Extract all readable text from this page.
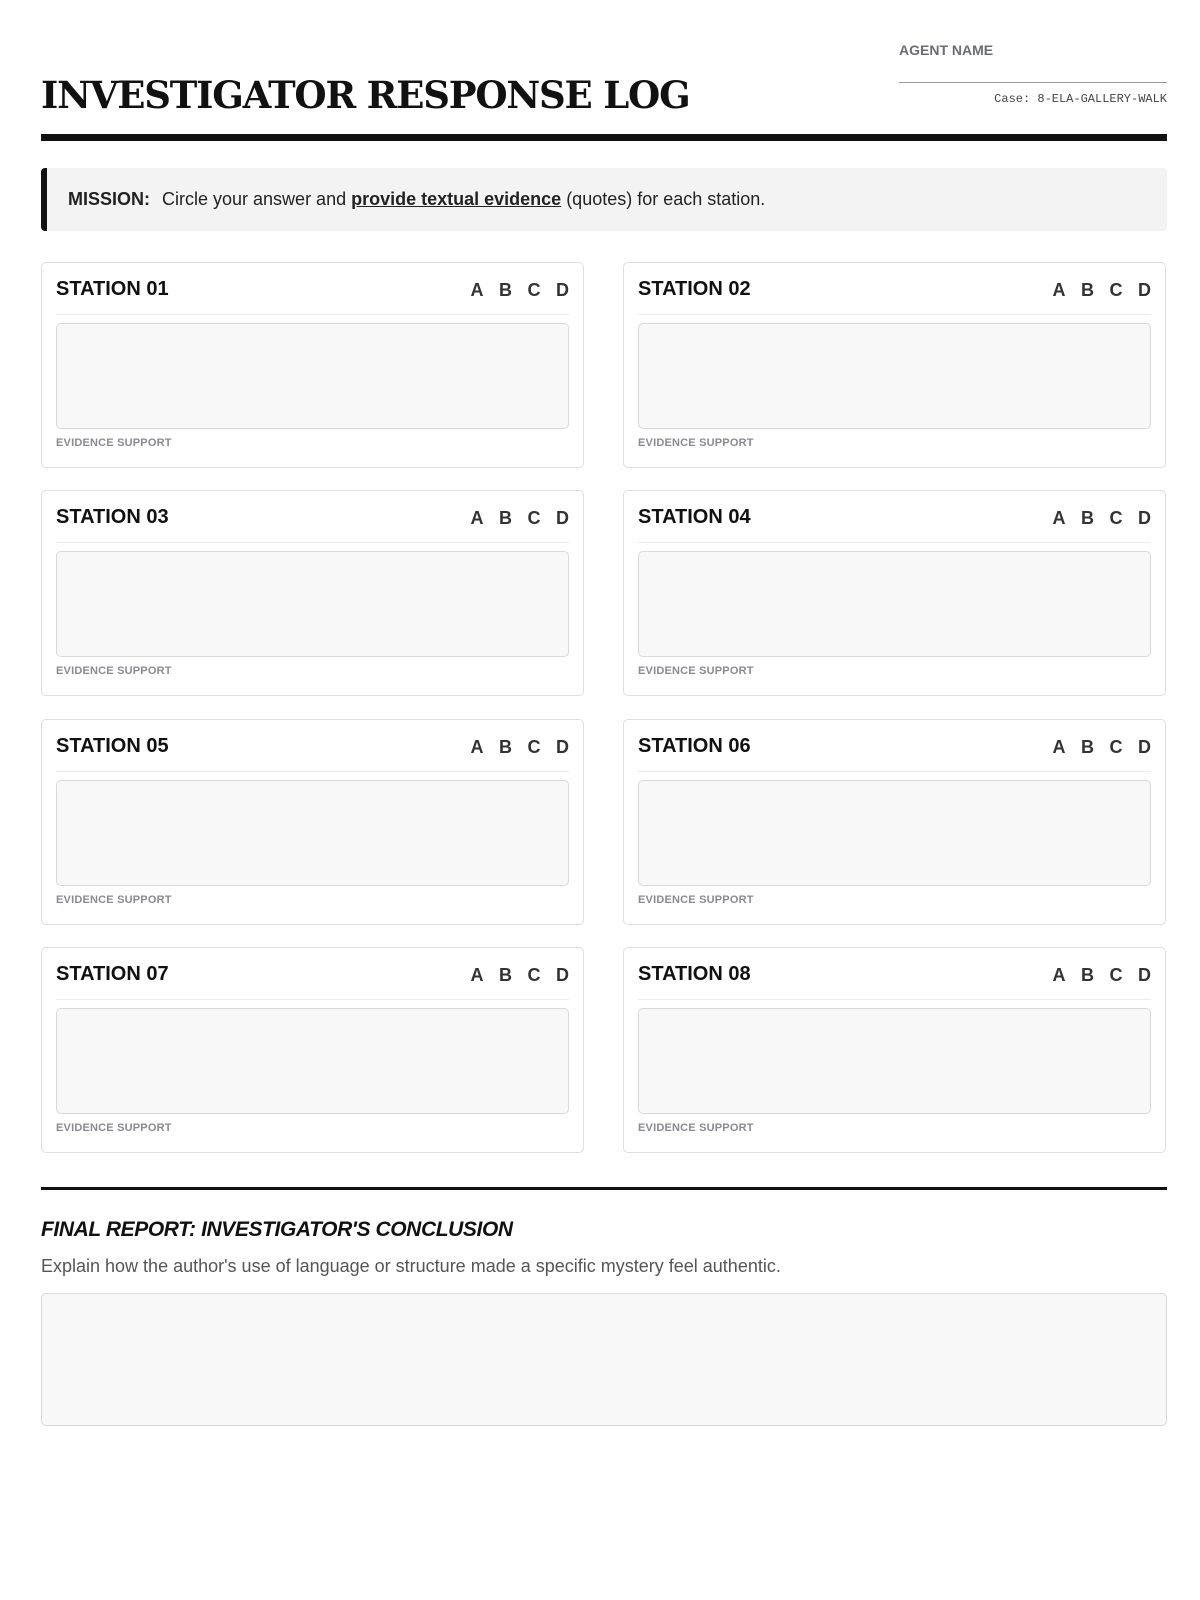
INVESTIGATOR RESPONSE LOG
AGENT NAME
Case: 8-ELA-GALLERY-WALK
MISSION: Circle your answer and provide textual evidence (quotes) for each station.
STATION 01	A B C D
EVIDENCE SUPPORT
STATION 02	A B C D
EVIDENCE SUPPORT
STATION 03	A B C D
EVIDENCE SUPPORT
STATION 04	A B C D
EVIDENCE SUPPORT
STATION 05	A B C D
EVIDENCE SUPPORT
STATION 06	A B C D
EVIDENCE SUPPORT
STATION 07	A B C D
EVIDENCE SUPPORT
STATION 08	A B C D
EVIDENCE SUPPORT
FINAL REPORT: INVESTIGATOR'S CONCLUSION
Explain how the author's use of language or structure made a specific mystery feel authentic.
